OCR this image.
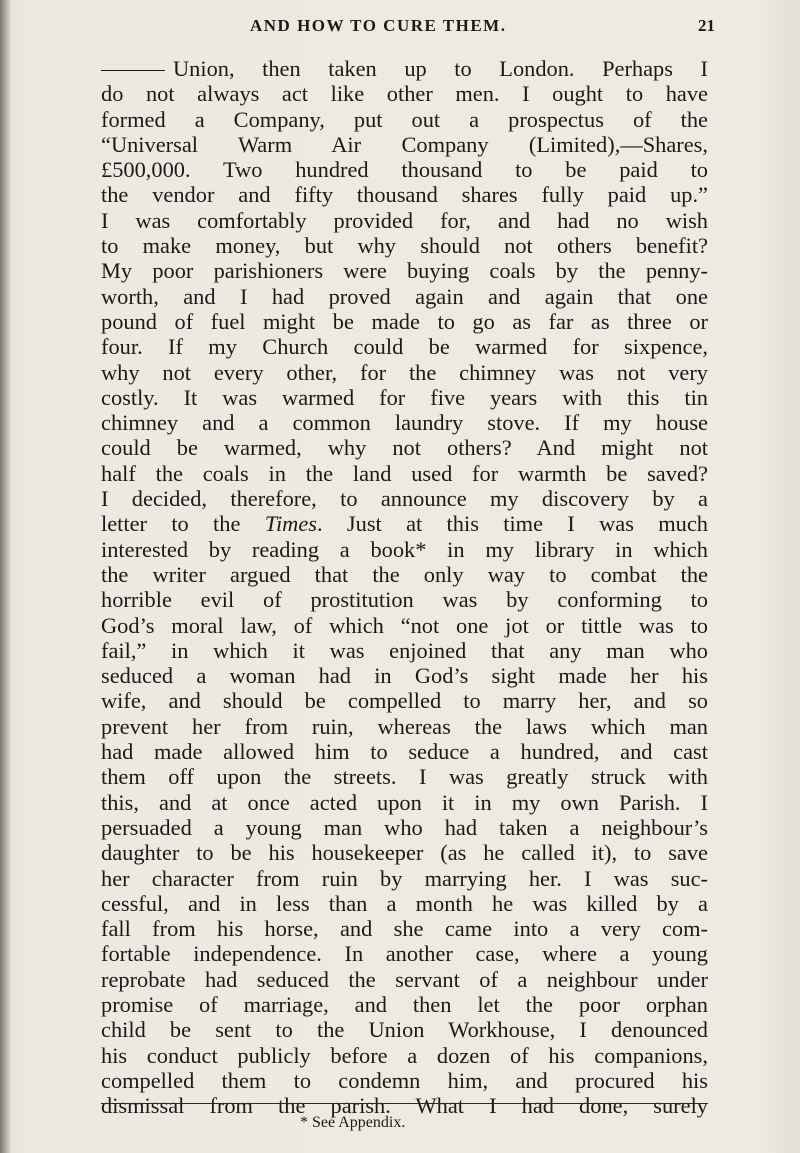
AND HOW TO CURE THEM.	21
Union, then taken up to London. Perhaps I
do not always act like other men. I ought to have
formed a Company, put out a prospectus of the
“Universal Warm Air Company (Limited),—Shares,
£500,000. Two hundred thousand to be paid to
the vendor and fifty thousand shares fully paid up.”
I was comfortably provided for, and had no wish
to make money, but why should not others benefit?
My poor parishioners were buying coals by the penny-
worth, and I had proved again and again that one
pound of fuel might be made to go as far as three or
four. If my Church could be warmed for sixpence,
why not every other, for the chimney was not very
costly. It was warmed for five years with this tin
chimney and a common laundry stove. If my house
could be warmed, why not others? And might not
half the coals in the land used for warmth be saved?
I decided, therefore, to announce my discovery by a
letter to the Times. Just at this time I was much
interested by reading a book* in my library in which
the writer argued that the only way to combat the
horrible evil of prostitution was by conforming to
God’s moral law, of which “not one jot or tittle was to
fail,” in which it was enjoined that any man who
seduced a woman had in God’s sight made her his
wife, and should be compelled to marry her, and so
prevent her from ruin, whereas the laws which man
had made allowed him to seduce a hundred, and cast
them off upon the streets. I was greatly struck with
this, and at once acted upon it in my own Parish. I
persuaded a young man who had taken a neighbour’s
daughter to be his housekeeper (as he called it), to save
her character from ruin by marrying her. I was suc-
cessful, and in less than a month he was killed by a
fall from his horse, and she came into a very com-
fortable independence. In another case, where a young
reprobate had seduced the servant of a neighbour under
promise of marriage, and then let the poor orphan
child be sent to the Union Workhouse, I denounced
his conduct publicly before a dozen of his companions,
compelled them to condemn him, and procured his
dismissal from the parish. What I had done, surely
* See Appendix.
